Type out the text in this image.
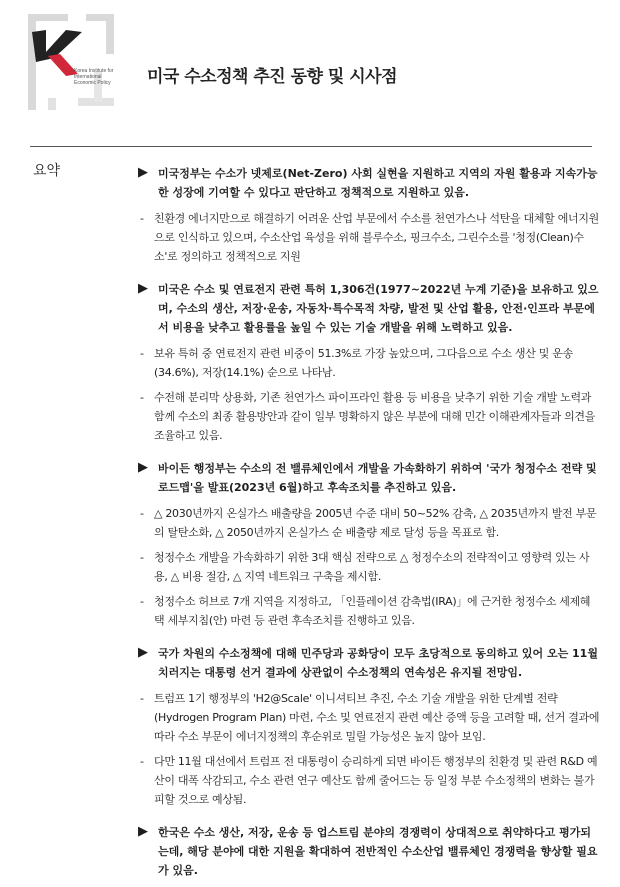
Korea Institute for International Economic Policy 미국 수소정책 추진 동향 및 시사점
요약	▶ 미국정부는 수소가 넷제로(Net-Zero) 사회 실현을 지원하고 지역의 자원 활용과 지속가능한 성장에 기여할 수 있다고 판단하고 정책적으로 지원하고 있음.
- 친환경 에너지만으로 해결하기 어려운 산업 부문에서 수소를 천연가스나 석탄을 대체할 에너지원으로 인식하고 있으며, 수소산업 육성을 위해 블루수소, 핑크수소, 그린수소를 '청정(Clean)수소'로 정의하고 정책적으로 지원
▶ 미국은 수소 및 연료전지 관련 특허 1,306건(1977~2022년 누계 기준)을 보유하고 있으며, 수소의 생산, 저장·운송, 자동차·특수목적 차량, 발전 및 산업 활용, 안전·인프라 부문에서 비용을 낮추고 활용률을 높일 수 있는 기술 개발을 위해 노력하고 있음.
- 보유 특허 중 연료전지 관련 비중이 51.3%로 가장 높았으며, 그다음으로 수소 생산 및 운송(34.6%), 저장(14.1%) 순으로 나타남.
- 수전해 분리막 상용화, 기존 천연가스 파이프라인 활용 등 비용을 낮추기 위한 기술 개발 노력과 함께 수소의 최종 활용방안과 같이 일부 명확하지 않은 부분에 대해 민간 이해관계자들과 의견을 조율하고 있음.
▶ 바이든 행정부는 수소의 전 밸류체인에서 개발을 가속화하기 위하여 '국가 청정수소 전략 및 로드맵'을 발표(2023년 6월)하고 후속조치를 추진하고 있음.
- △ 2030년까지 온실가스 배출량을 2005년 수준 대비 50~52% 감축, △ 2035년까지 발전 부문의 탈탄소화, △ 2050년까지 온실가스 순 배출량 제로 달성 등을 목표로 함.
- 청정수소 개발을 가속화하기 위한 3대 핵심 전략으로 △ 청정수소의 전략적이고 영향력 있는 사용, △ 비용 절감, △ 지역 네트워크 구축을 제시함.
- 청정수소 허브로 7개 지역을 지정하고, 「인플레이션 감축법(IRA)」에 근거한 청정수소 세제혜택 세부지침(안) 마련 등 관련 후속조치를 진행하고 있음.
▶ 국가 차원의 수소정책에 대해 민주당과 공화당이 모두 초당적으로 동의하고 있어 오는 11월 치러지는 대통령 선거 결과에 상관없이 수소정책의 연속성은 유지될 전망임.
- 트럼프 1기 행정부의 'H2@Scale' 이니셔티브 추진, 수소 기술 개발을 위한 단계별 전략(Hydrogen Program Plan) 마련, 수소 및 연료전지 관련 예산 증액 등을 고려할 때, 선거 결과에 따라 수소 부문이 에너지정책의 후순위로 밀릴 가능성은 높지 않아 보임.
- 다만 11월 대선에서 트럼프 전 대통령이 승리하게 되면 바이든 행정부의 친환경 및 관련 R&D 예산이 대폭 삭감되고, 수소 관련 연구 예산도 함께 줄어드는 등 일정 부분 수소정책의 변화는 불가피할 것으로 예상됨.
▶ 한국은 수소 생산, 저장, 운송 등 업스트림 분야의 경쟁력이 상대적으로 취약하다고 평가되는데, 해당 분야에 대한 지원을 확대하여 전반적인 수소산업 밸류체인 경쟁력을 향상할 필요가 있음.
